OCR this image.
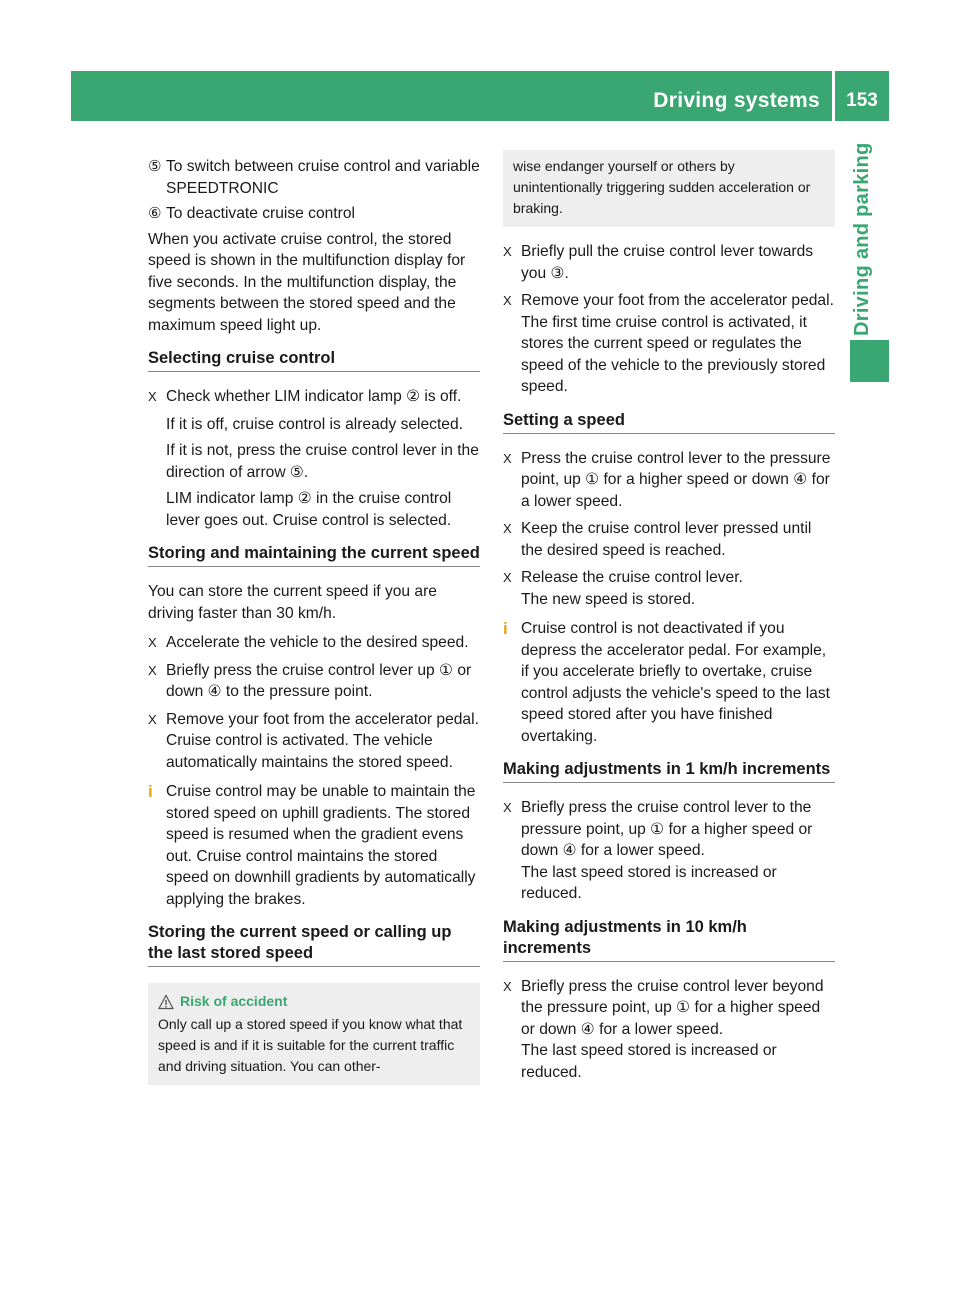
Driving systems	153
Driving and parking
⑤ To switch between cruise control and variable SPEEDTRONIC
⑥ To deactivate cruise control

When you activate cruise control, the stored speed is shown in the multifunction display for five seconds. In the multifunction display, the segments between the stored speed and the maximum speed light up.

Selecting cruise control
X Check whether LIM indicator lamp ② is off.
If it is off, cruise control is already selected.
If it is not, press the cruise control lever in the direction of arrow ⑤.
LIM indicator lamp ② in the cruise control lever goes out. Cruise control is selected.
Storing and maintaining the current speed

You can store the current speed if you are driving faster than 30 km/h.

X Accelerate the vehicle to the desired speed.
X Briefly press the cruise control lever up ① or down ④ to the pressure point.
X Remove your foot from the accelerator pedal.
Cruise control is activated. The vehicle automatically maintains the stored speed.
i Cruise control may be unable to maintain the stored speed on uphill gradients. The stored speed is resumed when the gradient evens out. Cruise control maintains the stored speed on downhill gradients by automatically applying the brakes.
Storing the current speed or calling up the last stored speed
Risk of accident
Only call up a stored speed if you know what that speed is and if it is suitable for the current traffic and driving situation. You can other-
wise endanger yourself or others by unintentionally triggering sudden acceleration or braking.
X Briefly pull the cruise control lever towards you ③.
X Remove your foot from the accelerator pedal.
The first time cruise control is activated, it stores the current speed or regulates the speed of the vehicle to the previously stored speed.
Setting a speed
X Press the cruise control lever to the pressure point, up ① for a higher speed or down ④ for a lower speed.
X Keep the cruise control lever pressed until the desired speed is reached.
X Release the cruise control lever.
The new speed is stored.
i Cruise control is not deactivated if you depress the accelerator pedal. For example, if you accelerate briefly to overtake, cruise control adjusts the vehicle's speed to the last speed stored after you have finished overtaking.
Making adjustments in 1 km/h increments
X Briefly press the cruise control lever to the pressure point, up ① for a higher speed or down ④ for a lower speed.
The last speed stored is increased or reduced.
Making adjustments in 10 km/h increments
X Briefly press the cruise control lever beyond the pressure point, up ① for a higher speed or down ④ for a lower speed.
The last speed stored is increased or reduced.
